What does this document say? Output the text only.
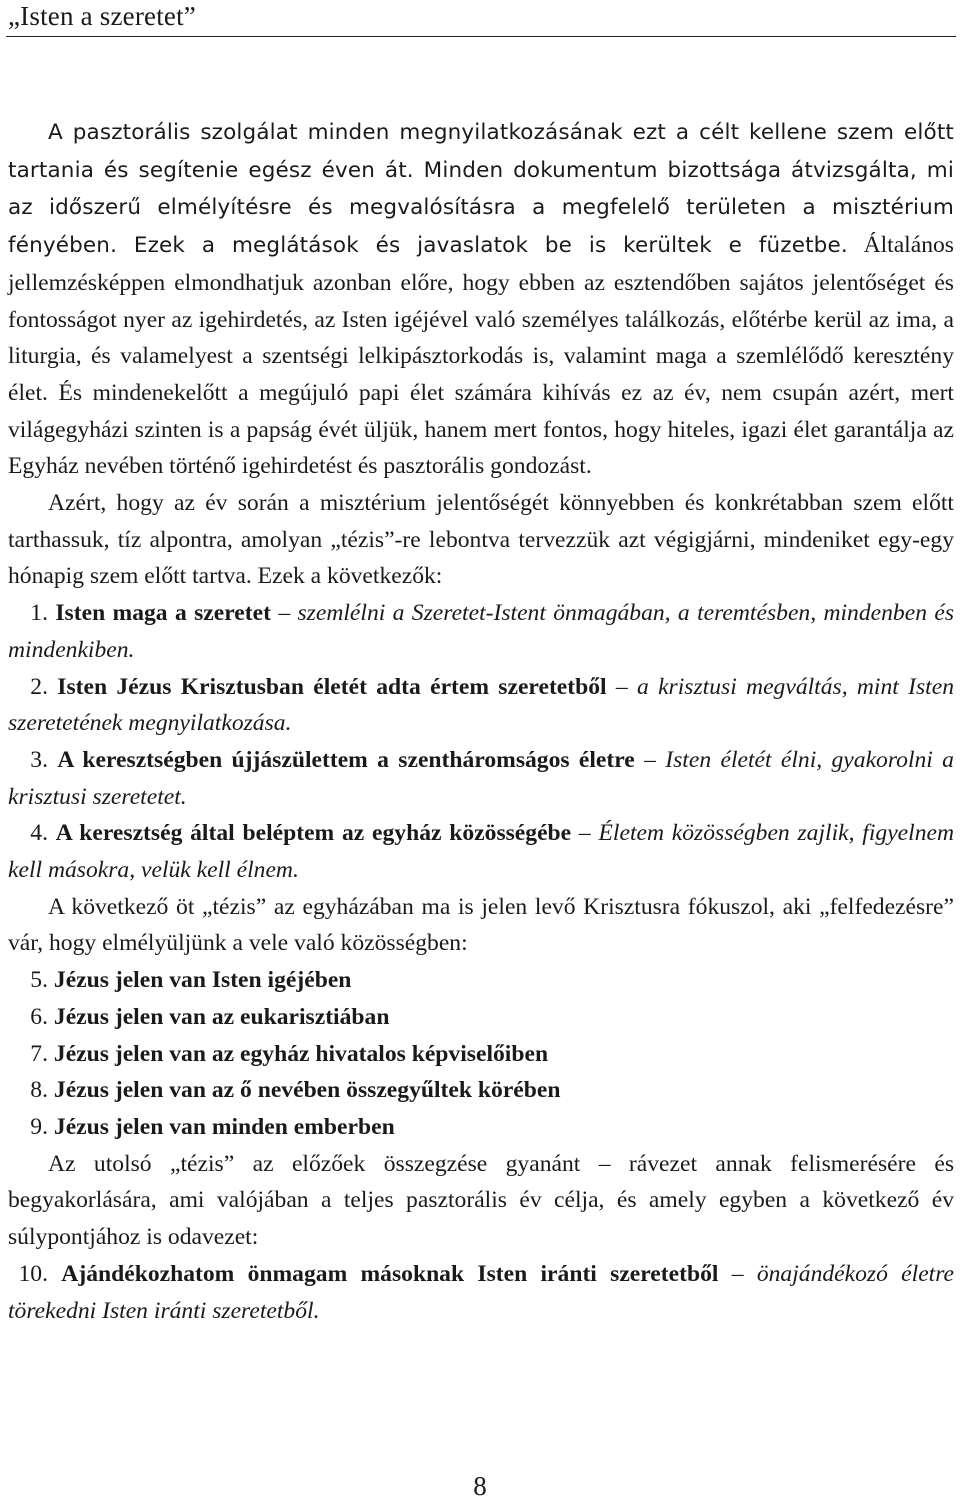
„Isten a szeretet”

A pasztorális szolgálat minden megnyilatkozásának ezt a célt kellene szem előtt tartania és segítenie egész éven át. Minden dokumentum bizottsága átvizsgálta, mi az időszerű elmélyítésre és megvalósításra a megfelelő területen a misztérium fényében. Ezek a meglátások és javaslatok be is kerültek e füzetbe. Általános jellemzésképpen elmondhatjuk azonban előre, hogy ebben az esztendőben sajátos jelentőséget és fontosságot nyer az igehirdetés, az Isten igéjével való személyes találkozás, előtérbe kerül az ima, a liturgia, és valamelyest a szentségi lelkipásztorkodás is, valamint maga a szemlélődő keresztény élet. És mindenekelőtt a megújuló papi élet számára kihívás ez az év, nem csupán azért, mert világegyházi szinten is a papság évét üljük, hanem mert fontos, hogy hiteles, igazi élet garantálja az Egyház nevében történő igehirdetést és pasztorális gondozást.

Azért, hogy az év során a misztérium jelentőségét könnyebben és konkrétabban szem előtt tarthassuk, tíz alpontra, amolyan „tézis”-re lebontva tervezzük azt végigjárni, mindeniket egy-egy hónapig szem előtt tartva. Ezek a következők:

1. Isten maga a szeretet – szemlélni a Szeretet-Istent önmagában, a teremtésben, mindenben és mindenkiben.

2. Isten Jézus Krisztusban életét adta értem szeretetből – a krisztusi megváltás, mint Isten szeretetének megnyilatkozása.

3. A keresztségben újjászülettem a szentháromságos életre – Isten életét élni, gyakorolni a krisztusi szeretetet.

4. A keresztség által beléptem az egyház közösségébe – Életem közösségben zajlik, figyelnem kell másokra, velük kell élnem.

A következő öt „tézis” az egyházában ma is jelen levő Krisztusra fókuszol, aki „felfedezésre” vár, hogy elmélyüljünk a vele való közösségben:

5. Jézus jelen van Isten igéjében

6. Jézus jelen van az eukarisztiában

7. Jézus jelen van az egyház hivatalos képviselőiben

8. Jézus jelen van az ő nevében összegyűltek körében

9. Jézus jelen van minden emberben

Az utolsó „tézis” az előzőek összegzése gyanánt – rávezet annak felismerésére és begyakorlására, ami valójában a teljes pasztorális év célja, és amely egyben a következő év súlypontjához is odavezet:

10. Ajándékozhatom önmagam másoknak Isten iránti szeretetből – önajándékozó életre törekedni Isten iránti szeretetből.

8
